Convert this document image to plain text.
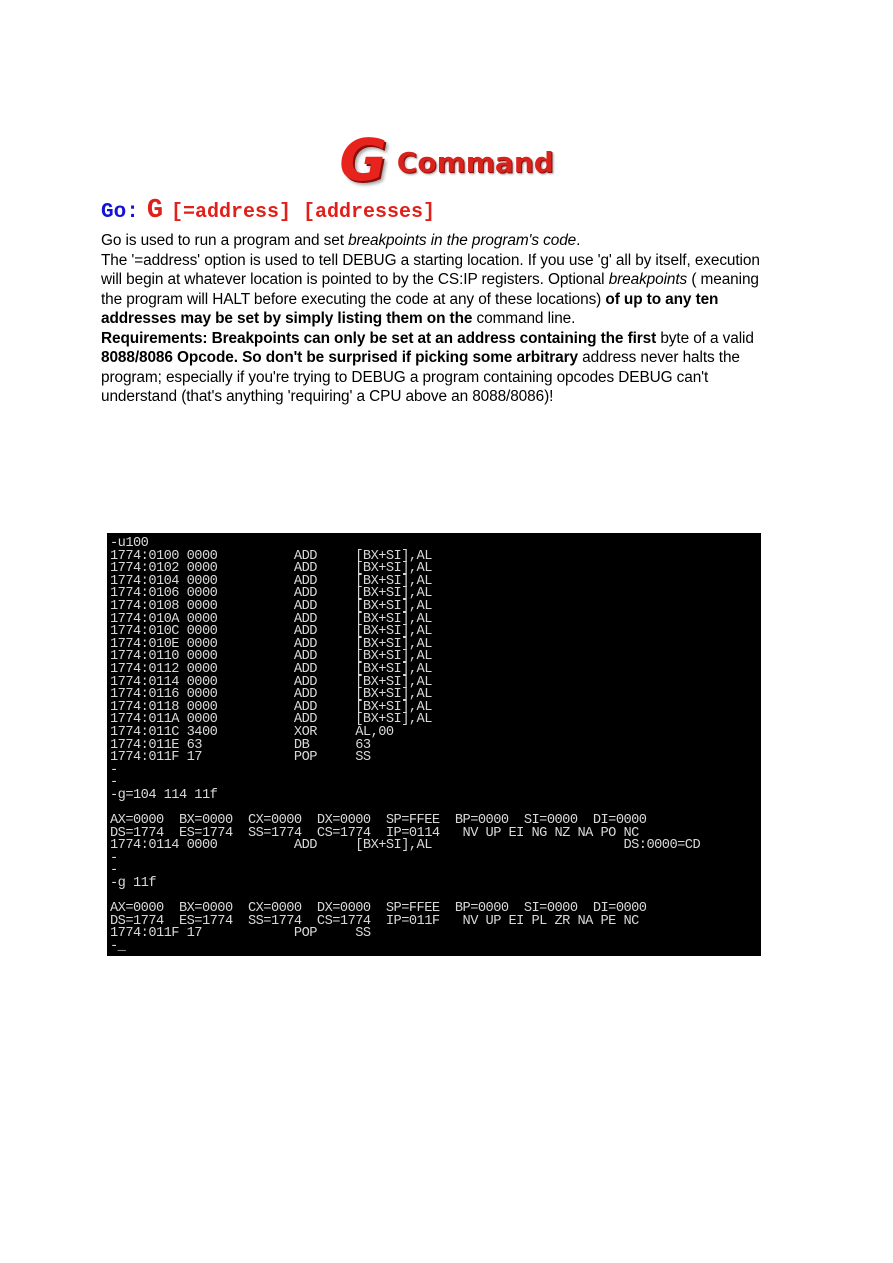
G Command
Go: G [=address] [addresses]

Go is used to run a program and set breakpoints in the program's code.

The '=address' option is used to tell DEBUG a starting location. If you use 'g' all by itself, execution will begin at whatever location is pointed to by the CS:IP registers. Optional breakpoints ( meaning the program will HALT before executing the code at any of these locations) of up to any ten addresses may be set by simply listing them on the command line.

Requirements: Breakpoints can only be set at an address containing the first byte of a valid 8088/8086 Opcode. So don't be surprised if picking some arbitrary address never halts the program; especially if you're trying to DEBUG a program containing opcodes DEBUG can't understand (that's anything 'requiring' a CPU above an 8088/8086)!

-u100
1774:0100 0000          ADD     [BX+SI],AL
1774:0102 0000          ADD     [BX+SI],AL
1774:0104 0000          ADD     [BX+SI],AL
1774:0106 0000          ADD     [BX+SI],AL
1774:0108 0000          ADD     [BX+SI],AL
1774:010A 0000          ADD     [BX+SI],AL
1774:010C 0000          ADD     [BX+SI],AL
1774:010E 0000          ADD     [BX+SI],AL
1774:0110 0000          ADD     [BX+SI],AL
1774:0112 0000          ADD     [BX+SI],AL
1774:0114 0000          ADD     [BX+SI],AL
1774:0116 0000          ADD     [BX+SI],AL
1774:0118 0000          ADD     [BX+SI],AL
1774:011A 0000          ADD     [BX+SI],AL
1774:011C 3400          XOR     AL,00
1774:011E 63            DB      63
1774:011F 17            POP     SS
-
-
-g=104 114 11f

AX=0000  BX=0000  CX=0000  DX=0000  SP=FFEE  BP=0000  SI=0000  DI=0000
DS=1774  ES=1774  SS=1774  CS=1774  IP=0114   NV UP EI NG NZ NA PO NC
1774:0114 0000          ADD     [BX+SI],AL                         DS:0000=CD
-
-
-g 11f

AX=0000  BX=0000  CX=0000  DX=0000  SP=FFEE  BP=0000  SI=0000  DI=0000
DS=1774  ES=1774  SS=1774  CS=1774  IP=011F   NV UP EI PL ZR NA PE NC
1774:011F 17            POP     SS
-_
